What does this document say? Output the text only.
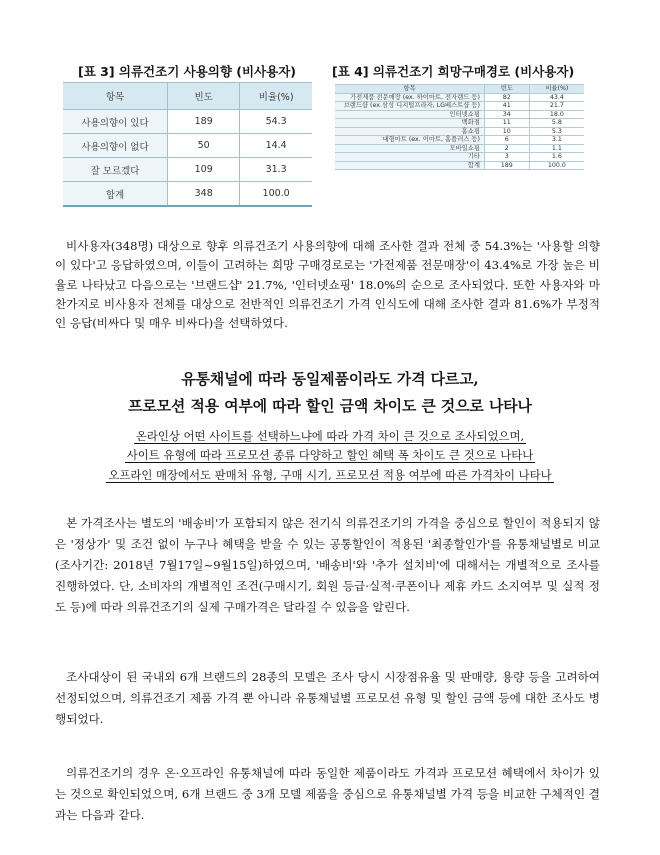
[표 3] 의류건조기 사용의향 (비사용자)	[표 4] 의류건조기 희망구매경로 (비사용자)
항목	빈도	비율(%)
사용의향이 있다	189	54.3
사용의향이 없다	50	14.4
잘 모르겠다	109	31.3
합계	348	100.0
항목	빈도	비율(%)
가전제품 전문매장 (ex. 하이마트, 전자랜드 등)	82	43.4
브랜드샵 (ex.삼성 디지털프라자, LG베스트샵 등)	41	21.7
인터넷쇼핑	34	18.0
백화점	11	5.8
홈쇼핑	10	5.3
대형마트 (ex. 이마트, 홈플러스 등)	6	3.1
모바일쇼핑	2	1.1
기타	3	1.6
합계	189	100.0

비사용자(348명) 대상으로 향후 의류건조기 사용의향에 대해 조사한 결과 전체 중 54.3%는 '사용할 의향이 있다'고 응답하였으며, 이들이 고려하는 희망 구매경로로는 '가전제품 전문매장'이 43.4%로 가장 높은 비율로 나타났고 다음으로는 '브랜드샵' 21.7%, '인터넷쇼핑' 18.0%의 순으로 조사되었다. 또한 사용자와 마찬가지로 비사용자 전체를 대상으로 전반적인 의류건조기 가격 인식도에 대해 조사한 결과 81.6%가 부정적인 응답(비싸다 및 매우 비싸다)을 선택하였다.

유통채널에 따라 동일제품이라도 가격 다르고,
프로모션 적용 여부에 따라 할인 금액 차이도 큰 것으로 나타나
온라인상 어떤 사이트를 선택하느냐에 따라 가격 차이 큰 것으로 조사되었으며,
사이트 유형에 따라 프로모션 종류 다양하고 할인 혜택 폭 차이도 큰 것으로 나타나
오프라인 매장에서도 판매처 유형, 구매 시기, 프로모션 적용 여부에 따른 가격차이 나타나

본 가격조사는 별도의 '배송비'가 포함되지 않은 전기식 의류건조기의 가격을 중심으로 할인이 적용되지 않은 '정상가' 및 조건 없이 누구나 혜택을 받을 수 있는 공통할인이 적용된 '최종할인가'를 유통채널별로 비교(조사기간: 2018년 7월17일~9월15일)하였으며, '배송비'와 '추가 설치비'에 대해서는 개별적으로 조사를 진행하였다. 단, 소비자의 개별적인 조건(구매시기, 회원 등급·실적·쿠폰이나 제휴 카드 소지여부 및 실적 정도 등)에 따라 의류건조기의 실제 구매가격은 달라질 수 있음을 알린다.

조사대상이 된 국내외 6개 브랜드의 28종의 모델은 조사 당시 시장점유율 및 판매량, 용량 등을 고려하여 선정되었으며, 의류건조기 제품 가격 뿐 아니라 유통채널별 프로모션 유형 및 할인 금액 등에 대한 조사도 병행되었다.

의류건조기의 경우 온·오프라인 유통채널에 따라 동일한 제품이라도 가격과 프로모션 혜택에서 차이가 있는 것으로 확인되었으며, 6개 브랜드 중 3개 모델 제품을 중심으로 유통채널별 가격 등을 비교한 구체적인 결과는 다음과 같다.
